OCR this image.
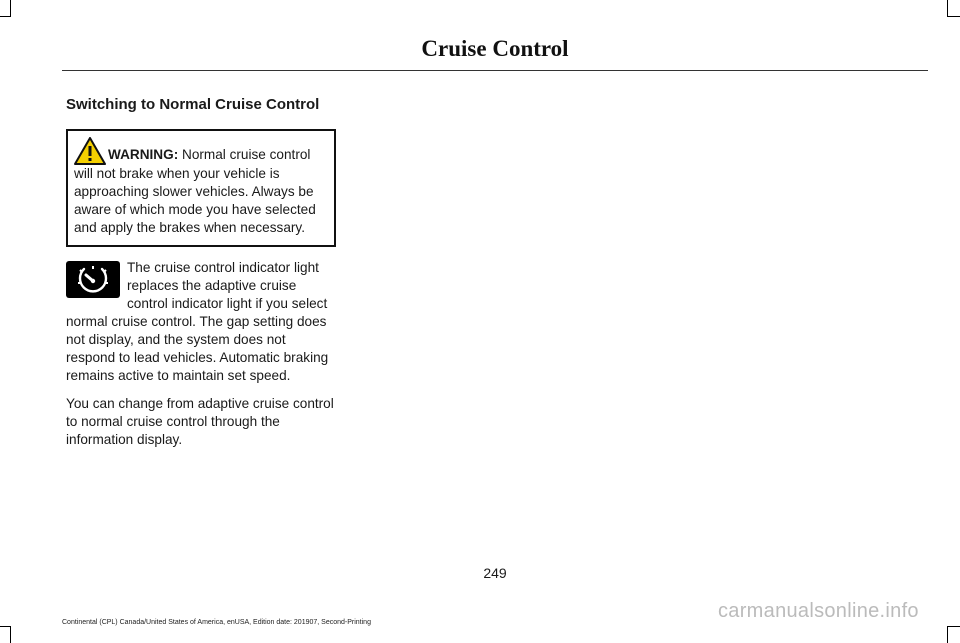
Cruise Control
Switching to Normal Cruise Control
WARNING: Normal cruise control will not brake when your vehicle is approaching slower vehicles. Always be aware of which mode you have selected and apply the brakes when necessary.

The cruise control indicator light replaces the adaptive cruise control indicator light if you select normal cruise control. The gap setting does not display, and the system does not respond to lead vehicles. Automatic braking remains active to maintain set speed.

You can change from adaptive cruise control to normal cruise control through the information display.

249
Continental (CPL) Canada/United States of America, enUSA, Edition date: 201907, Second-Printing
carmanualsonline.info
